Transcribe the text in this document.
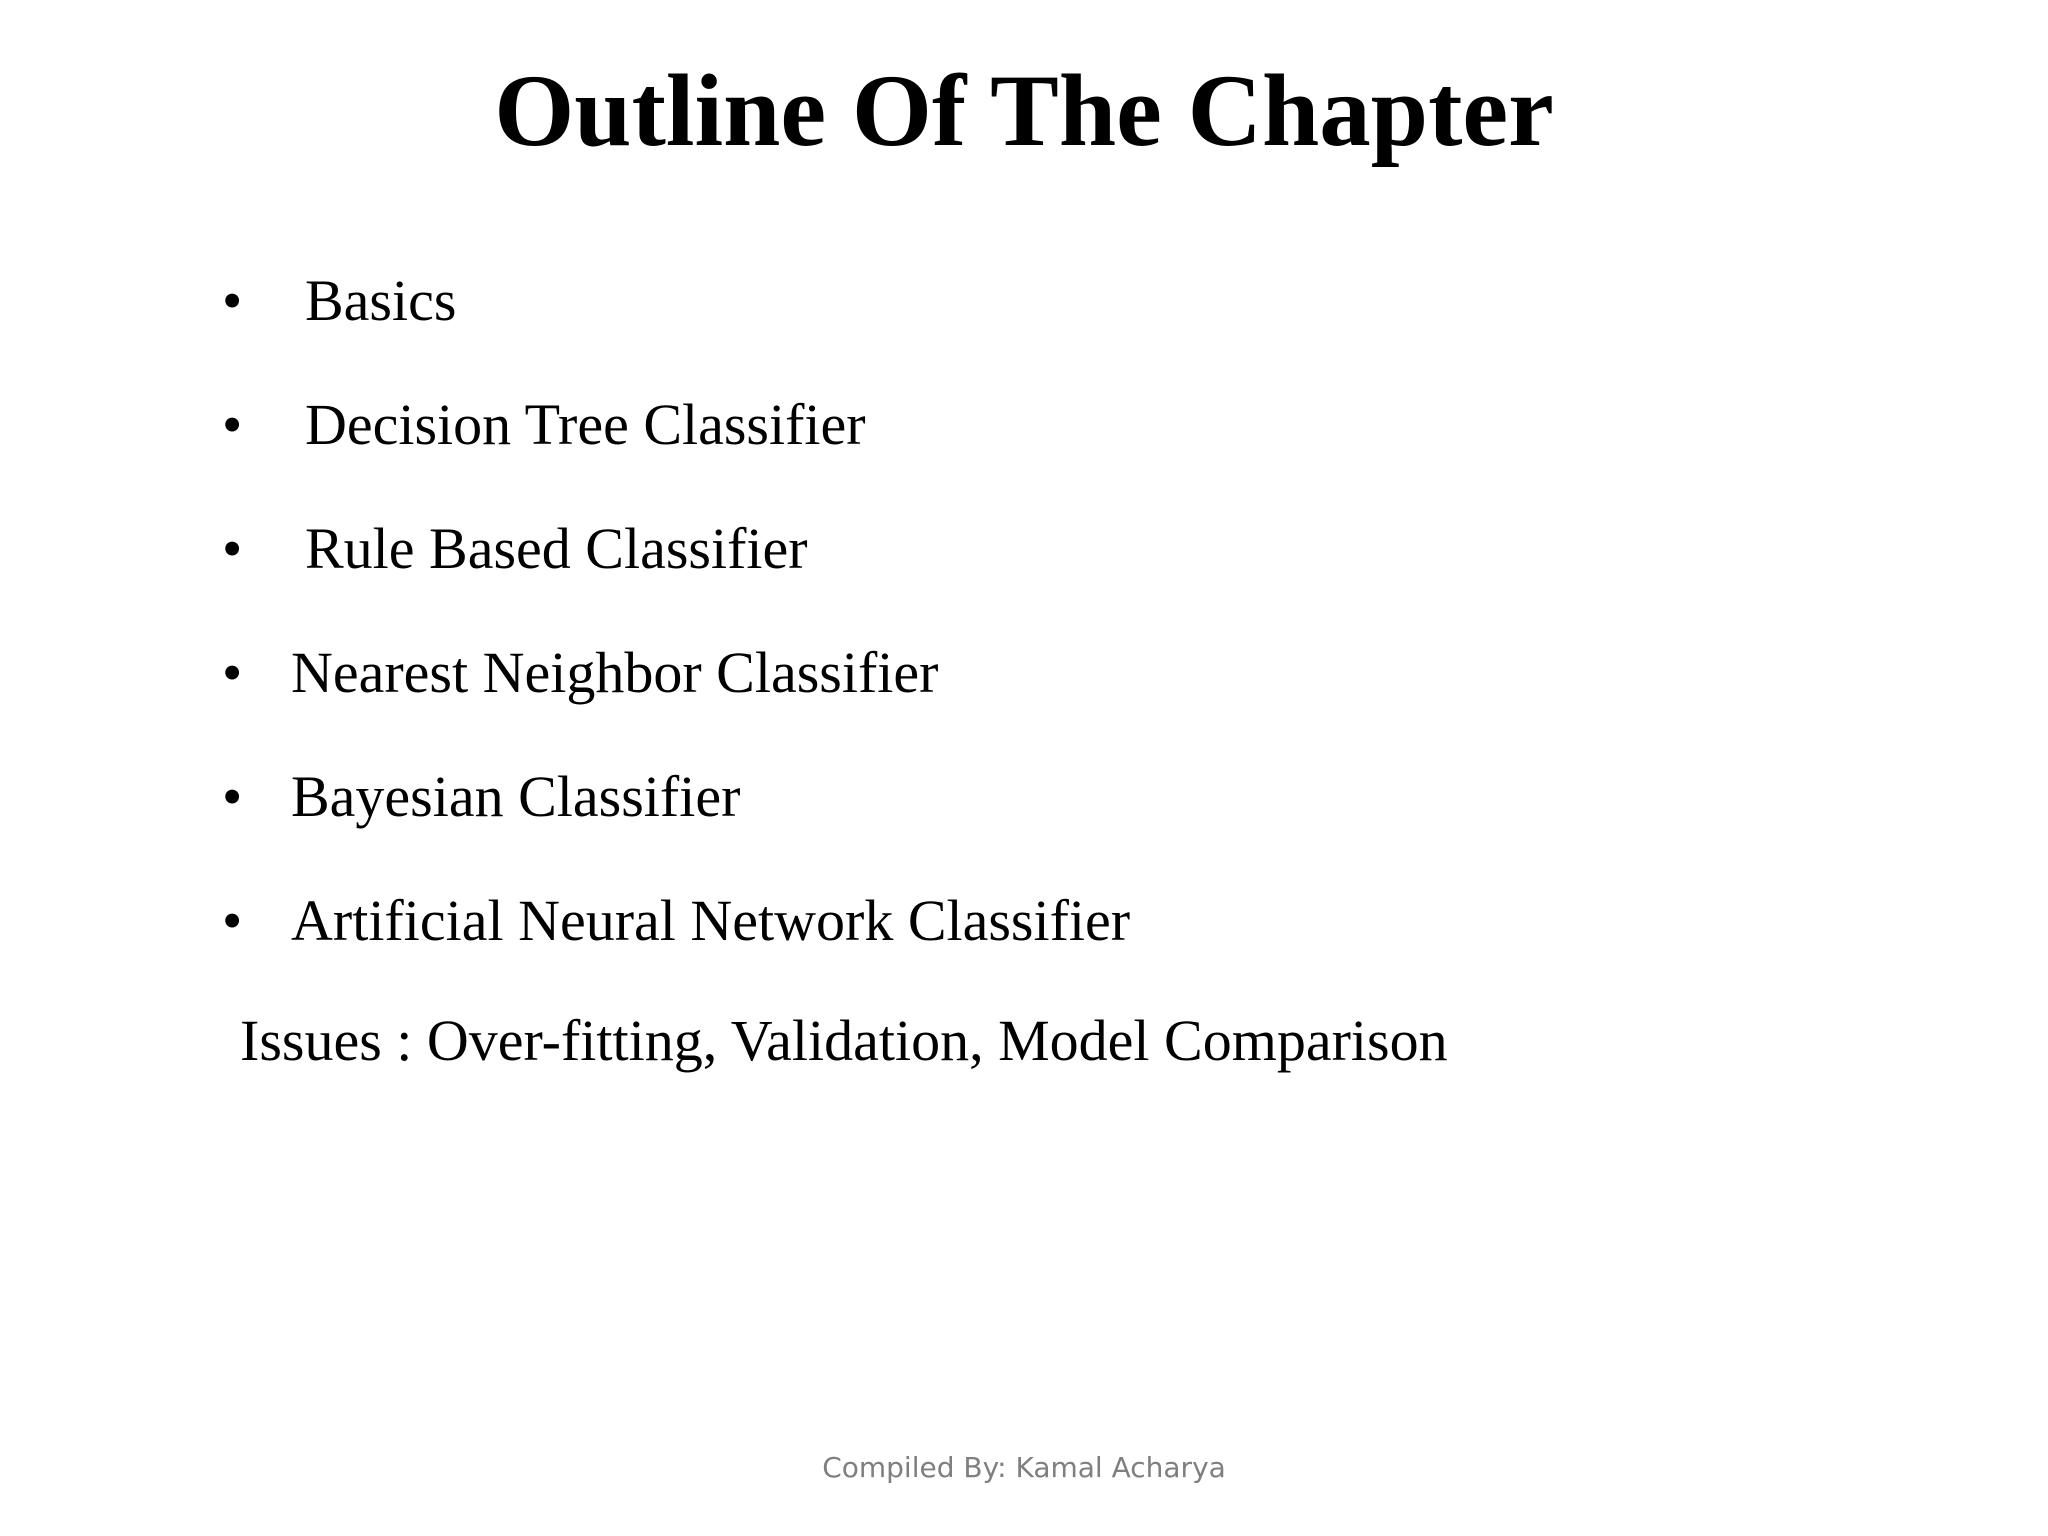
Outline Of The Chapter
• Basics
• Decision Tree Classifier
• Rule Based Classifier
• Nearest Neighbor Classifier
• Bayesian Classifier
• Artificial Neural Network Classifier
Issues : Over-fitting, Validation, Model Comparison
Compiled By: Kamal Acharya
